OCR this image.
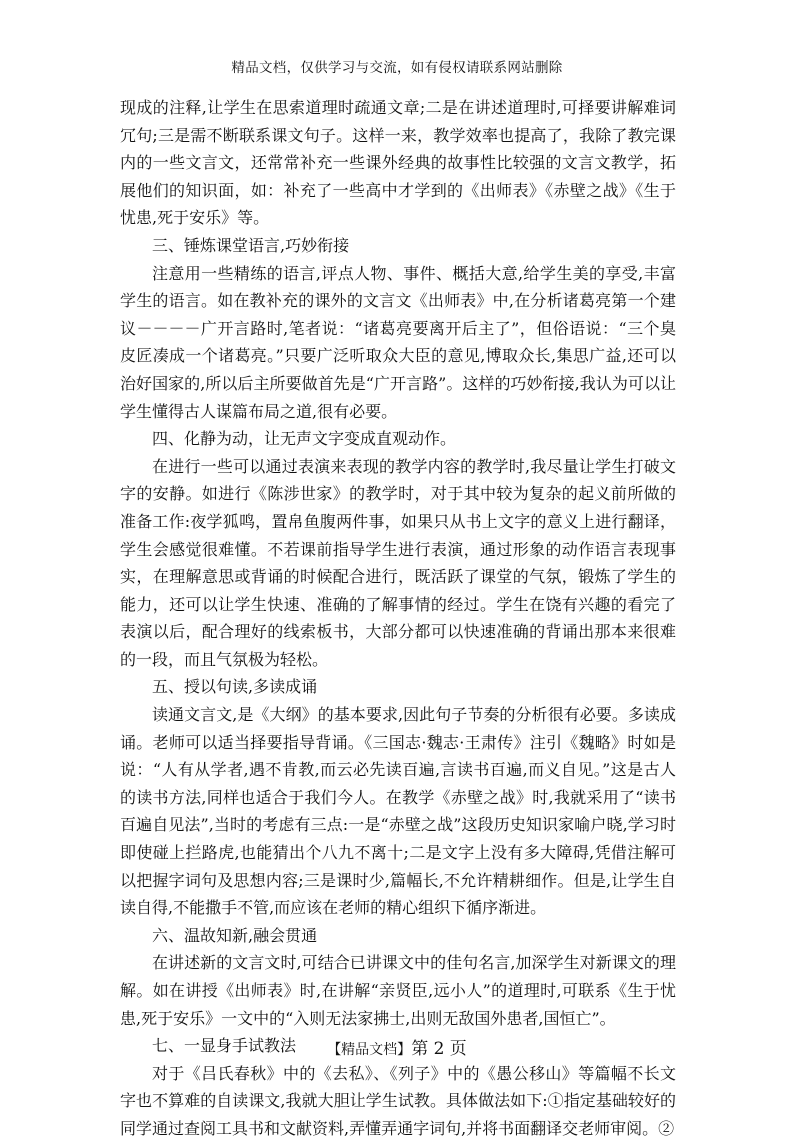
精品文档，仅供学习与交流，如有侵权请联系网站删除

现成的注释,让学生在思索道理时疏通文章;二是在讲述道理时,可择要讲解难词冗句;三是需不断联系课文句子。这样一来，教学效率也提高了，我除了教完课内的一些文言文，还常常补充一些课外经典的故事性比较强的文言文教学，拓展他们的知识面，如：补充了一些高中才学到的《出师表》《赤壁之战》《生于忧患,死于安乐》等。

三、锤炼课堂语言,巧妙衔接

注意用一些精练的语言,评点人物、事件、概括大意,给学生美的享受,丰富学生的语言。如在教补充的课外的文言文《出师表》中,在分析诸葛亮第一个建议－－－－广开言路时,笔者说：“诸葛亮要离开后主了”，但俗语说：“三个臭皮匠凑成一个诸葛亮。”只要广泛听取众大臣的意见,博取众长,集思广益,还可以治好国家的,所以后主所要做首先是“广开言路”。这样的巧妙衔接,我认为可以让学生懂得古人谋篇布局之道,很有必要。

四、化静为动，让无声文字变成直观动作。

在进行一些可以通过表演来表现的教学内容的教学时,我尽量让学生打破文字的安静。如进行《陈涉世家》的教学时，对于其中较为复杂的起义前所做的准备工作:夜学狐鸣，置帛鱼腹两件事，如果只从书上文字的意义上进行翻译，学生会感觉很难懂。不若课前指导学生进行表演，通过形象的动作语言表现事实，在理解意思或背诵的时候配合进行，既活跃了课堂的气氛，锻炼了学生的能力，还可以让学生快速、准确的了解事情的经过。学生在饶有兴趣的看完了表演以后，配合理好的线索板书，大部分都可以快速准确的背诵出那本来很难的一段，而且气氛极为轻松。

五、授以句读,多读成诵

读通文言文,是《大纲》的基本要求,因此句子节奏的分析很有必要。多读成诵。老师可以适当择要指导背诵。《三国志·魏志·王肃传》注引《魏略》时如是说：“人有从学者,遇不肯教,而云必先读百遍,言读书百遍,而义自见。”这是古人的读书方法,同样也适合于我们今人。在教学《赤壁之战》时,我就采用了“读书百遍自见法”,当时的考虑有三点:一是“赤壁之战”这段历史知识家喻户晓,学习时即使碰上拦路虎,也能猜出个八九不离十;二是文字上没有多大障碍,凭借注解可以把握字词句及思想内容;三是课时少,篇幅长,不允许精耕细作。但是,让学生自读自得,不能撒手不管,而应该在老师的精心组织下循序渐进。

六、温故知新,融会贯通

在讲述新的文言文时,可结合已讲课文中的佳句名言,加深学生对新课文的理解。如在讲授《出师表》时,在讲解“亲贤臣,远小人”的道理时,可联系《生于忧患,死于安乐》一文中的“入则无法家拂士,出则无敌国外患者,国恒亡”。

七、一显身手试教法

对于《吕氏春秋》中的《去私》、《列子》中的《愚公移山》等篇幅不长文字也不算难的自读课文,我就大胆让学生试教。具体做法如下:①指定基础较好的同学通过查阅工具书和文献资料,弄懂弄通字词句,并将书面翻译交老师审阅。②

【精品文档】第 2 页
